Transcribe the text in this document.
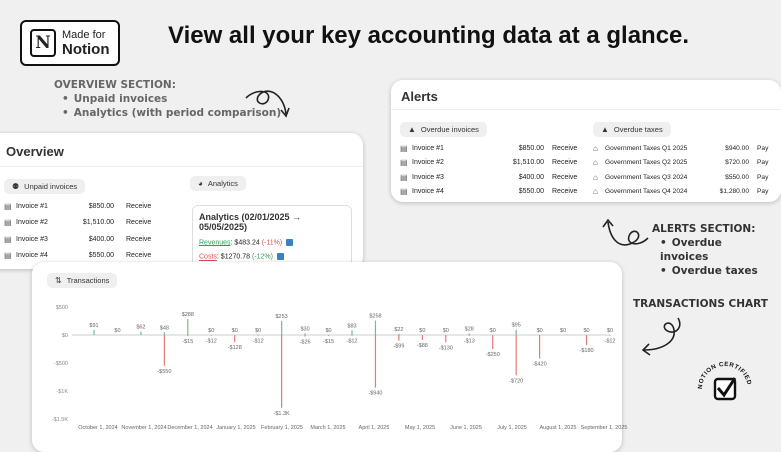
N	Made for
Notion View all your key accounting data at a glance.
OVERVIEW SECTION:
• Unpaid invoices
• Analytics (with period comparison)
Alerts
▲ Overdue invoices
▤ Invoice #1	$850.00	Receive
▤ Invoice #2	$1,510.00	Receive
▤ Invoice #3	$400.00	Receive
▤ Invoice #4	$550.00	Receive
▲ Overdue taxes
⌂	Government Taxes Q1 2025	$940.00	Pay
⌂	Government Taxes Q2 2025	$720.00	Pay
⌂	Government Taxes Q3 2024	$550.00	Pay
⌂	Government Taxes Q4 2024	$1,280.00	Pay
ALERTS SECTION:
• Overdue invoices
• Overdue taxes
TRANSACTIONS CHART
NOTION CERTIFIED
Overview
⚉ Unpaid invoices
▤ Invoice #1	$850.00	Receive
▤ Invoice #2	$1,510.00	Receive
▤ Invoice #3	$400.00	Receive
▤ Invoice #4	$550.00	Receive
◕ Analytics
Analytics (02/01/2025 → 05/05/2025)
Revenues: $483.24 (-11%)
Costs: $1270.78 (-12%)
⇅ Transactions
$500
$0
-$500
-$1K
-$1.5K
$91
$0
$62	$48
-$550
$288
-$15
$0
-$12
$0
-$128
$0
-$12
$253
-$1.3K
$30
-$26
$0
-$15
$83
-$12
$258
-$940
$22
-$99
$0
-$88
$0
-$130
$28
-$13
$0
-$250
$95
-$720
$0
-$420
$0	$0
-$180
$0
-$12
October 1, 2024 November 1, 2024 December 1, 2024 January 1, 2025 February 1, 2025 March 1, 2025 April 1, 2025	May 1, 2025	June 1, 2025	July 1, 2025 August 1, 2025 September 1, 2025
